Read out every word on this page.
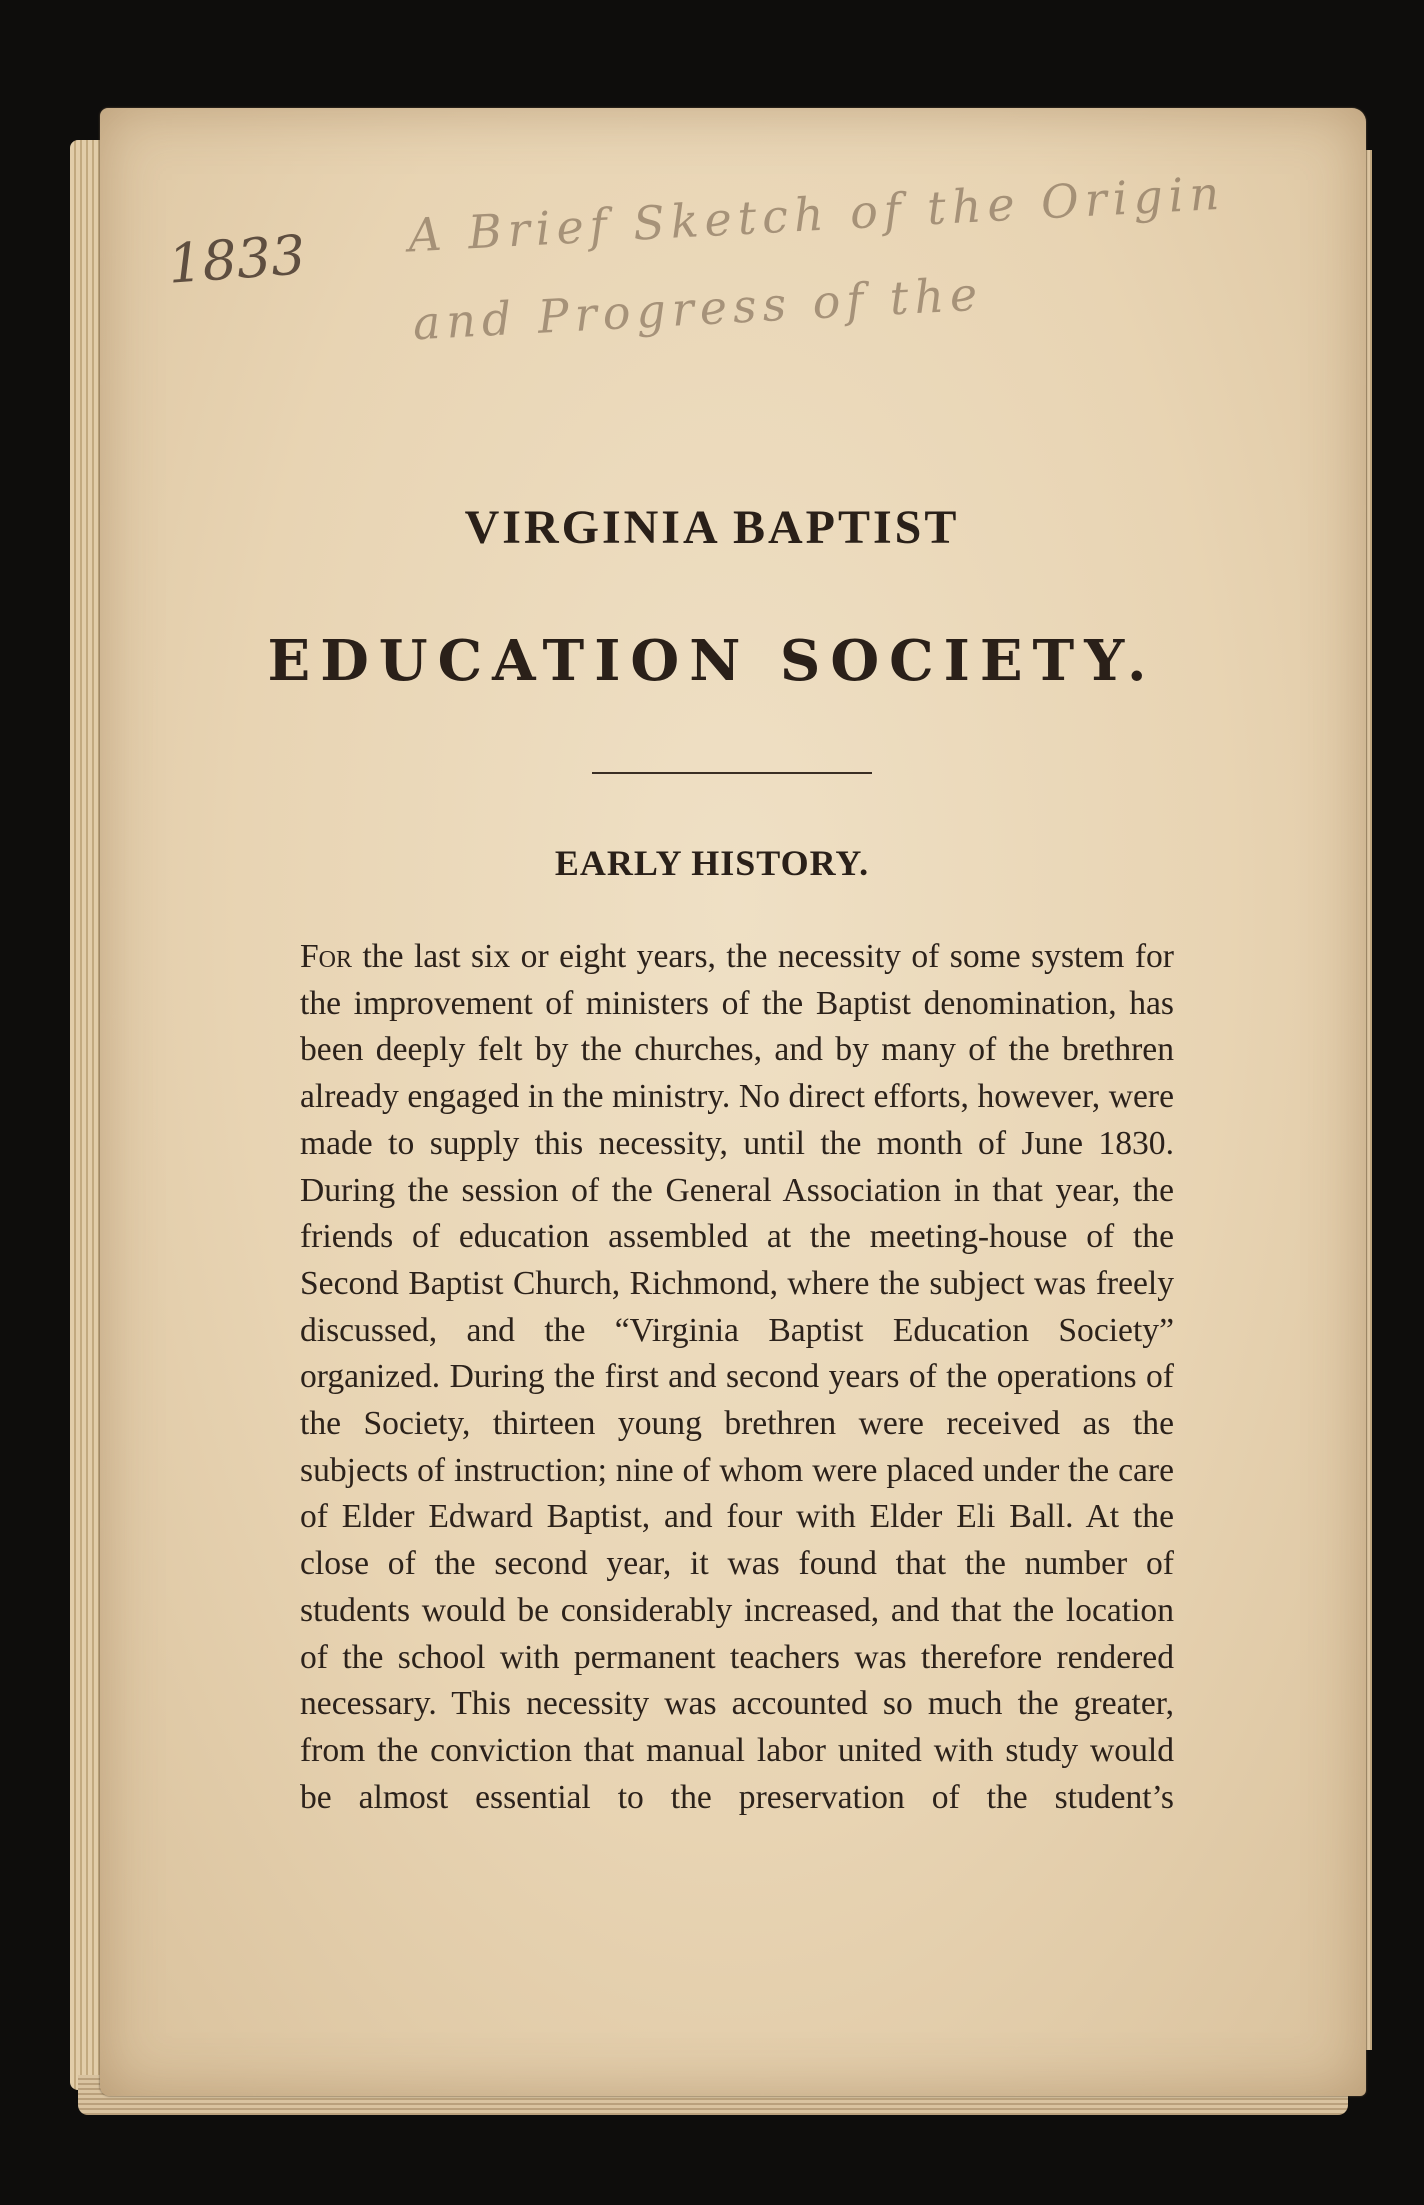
1833 A Brief Sketch of the Origin and Progress of the
VIRGINIA BAPTIST
EDUCATION SOCIETY.
EARLY HISTORY.

For the last six or eight years, the necessity of some system for the improvement of ministers of the Baptist denomination, has been deeply felt by the churches, and by many of the brethren already engaged in the ministry. No direct efforts, however, were made to supply this necessity, until the month of June 1830. During the session of the General Association in that year, the friends of education assembled at the meeting-house of the Second Baptist Church, Richmond, where the subject was freely discussed, and the “Virginia Baptist Education Society” organized. During the first and second years of the operations of the Society, thirteen young brethren were received as the subjects of instruction; nine of whom were placed under the care of Elder Edward Baptist, and four with Elder Eli Ball. At the close of the second year, it was found that the number of students would be considerably increased, and that the location of the school with permanent teachers was therefore rendered necessary. This necessity was accounted so much the greater, from the conviction that manual labor united with study would be almost essential to the preservation of the student’s
